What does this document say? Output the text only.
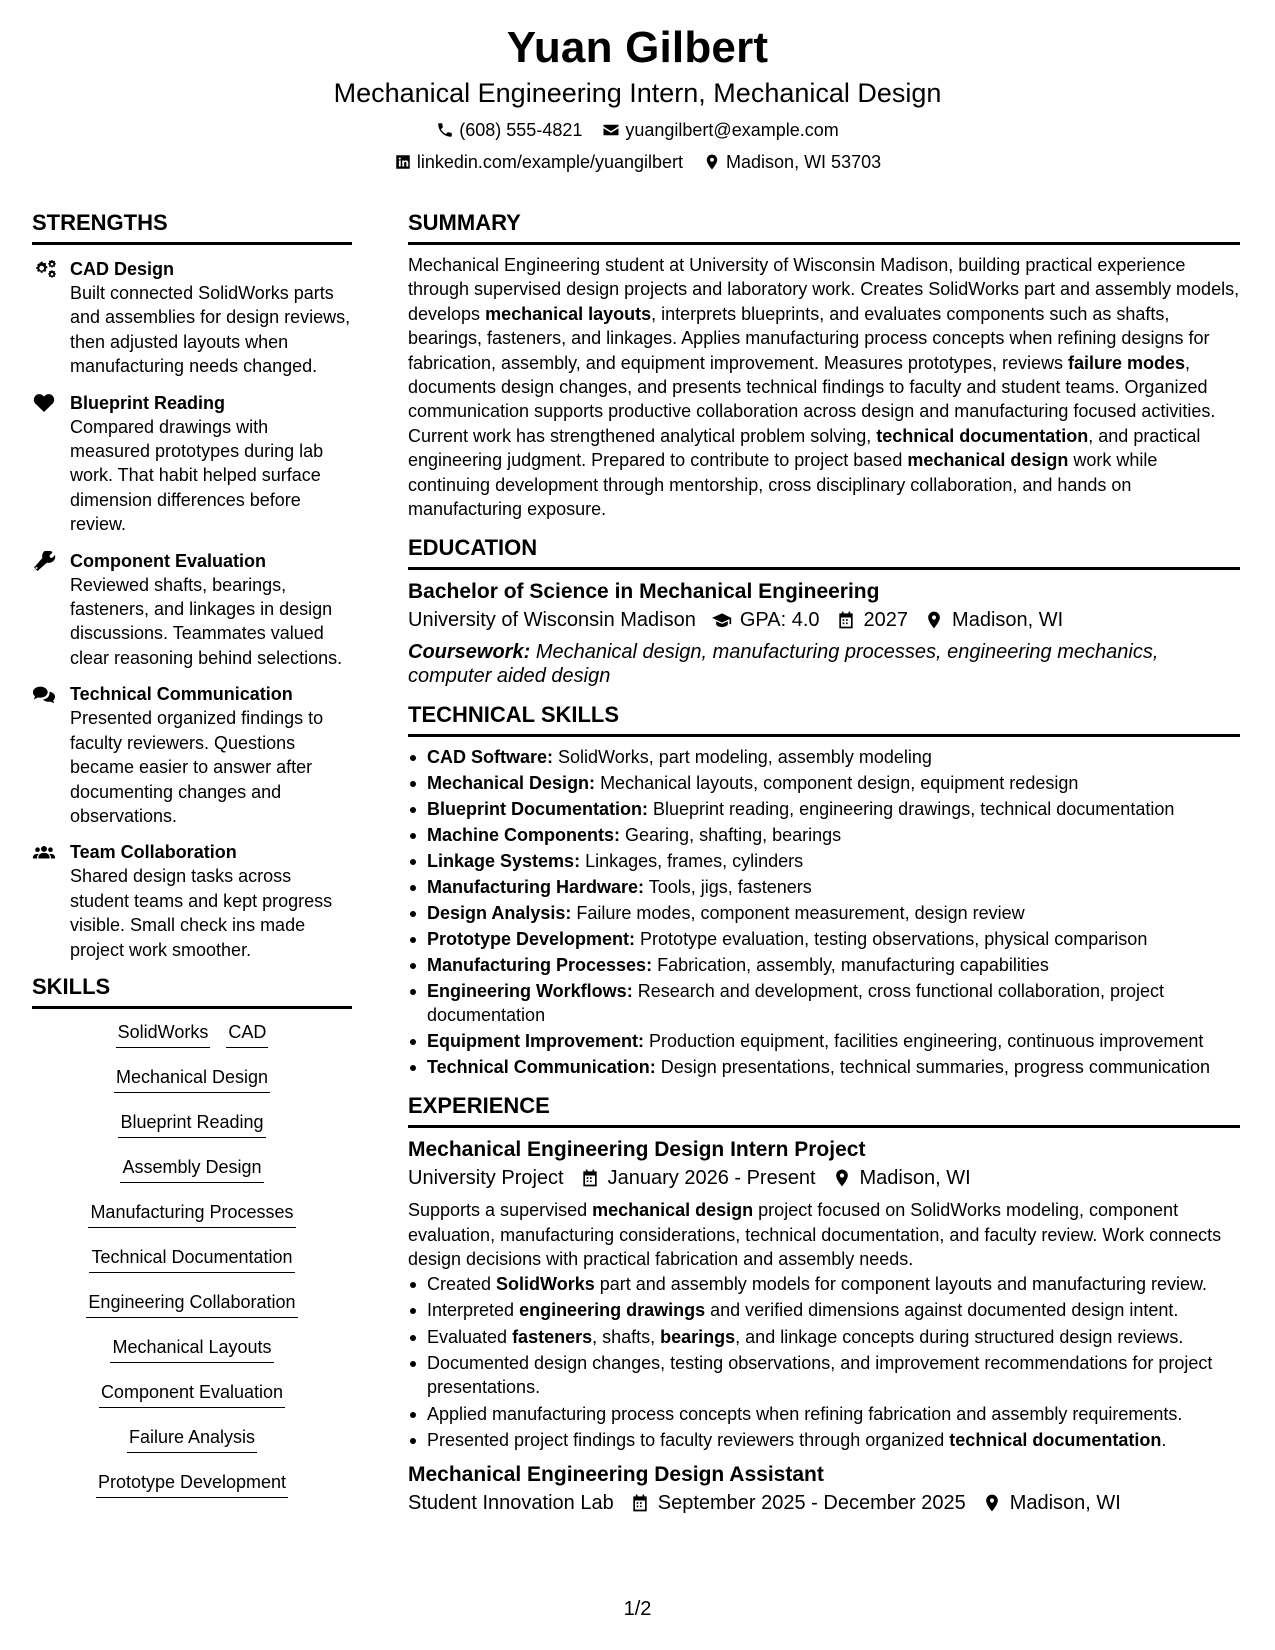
Yuan Gilbert
Mechanical Engineering Intern, Mechanical Design
(608) 555-4821 yuangilbert@example.com
linkedin.com/example/yuangilbert Madison, WI 53703
STRENGTHS
CAD Design
Built connected SolidWorks parts and assemblies for design reviews, then adjusted layouts when manufacturing needs changed.
Blueprint Reading
Compared drawings with measured prototypes during lab work. That habit helped surface dimension differences before review.
Component Evaluation
Reviewed shafts, bearings, fasteners, and linkages in design discussions. Teammates valued clear reasoning behind selections.
Technical Communication
Presented organized findings to faculty reviewers. Questions became easier to answer after documenting changes and observations.
Team Collaboration
Shared design tasks across student teams and kept progress visible. Small check ins made project work smoother.
SKILLS
SolidWorks CAD
Mechanical Design
Blueprint Reading
Assembly Design
Manufacturing Processes
Technical Documentation
Engineering Collaboration
Mechanical Layouts
Component Evaluation
Failure Analysis
Prototype Development
SUMMARY

Mechanical Engineering student at University of Wisconsin Madison, building practical experience through supervised design projects and laboratory work. Creates SolidWorks part and assembly models, develops mechanical layouts, interprets blueprints, and evaluates components such as shafts, bearings, fasteners, and linkages. Applies manufacturing process concepts when refining designs for fabrication, assembly, and equipment improvement. Measures prototypes, reviews failure modes, documents design changes, and presents technical findings to faculty and student teams. Organized communication supports productive collaboration across design and manufacturing focused activities. Current work has strengthened analytical problem solving, technical documentation, and practical engineering judgment. Prepared to contribute to project based mechanical design work while continuing development through mentorship, cross disciplinary collaboration, and hands on manufacturing exposure.

EDUCATION
Bachelor of Science in Mechanical Engineering
University of Wisconsin Madison GPA: 4.0 2027 Madison, WI
Coursework: Mechanical design, manufacturing processes, engineering mechanics, computer aided design
TECHNICAL SKILLS
CAD Software: SolidWorks, part modeling, assembly modeling
Mechanical Design: Mechanical layouts, component design, equipment redesign
Blueprint Documentation: Blueprint reading, engineering drawings, technical documentation
Machine Components: Gearing, shafting, bearings
Linkage Systems: Linkages, frames, cylinders
Manufacturing Hardware: Tools, jigs, fasteners
Design Analysis: Failure modes, component measurement, design review
Prototype Development: Prototype evaluation, testing observations, physical comparison
Manufacturing Processes: Fabrication, assembly, manufacturing capabilities
Engineering Workflows: Research and development, cross functional collaboration, project documentation
Equipment Improvement: Production equipment, facilities engineering, continuous improvement
Technical Communication: Design presentations, technical summaries, progress communication
EXPERIENCE
Mechanical Engineering Design Intern Project
University Project January 2026 - Present Madison, WI

Supports a supervised mechanical design project focused on SolidWorks modeling, component evaluation, manufacturing considerations, technical documentation, and faculty review. Work connects design decisions with practical fabrication and assembly needs.

Created SolidWorks part and assembly models for component layouts and manufacturing review.
Interpreted engineering drawings and verified dimensions against documented design intent.
Evaluated fasteners, shafts, bearings, and linkage concepts during structured design reviews.
Documented design changes, testing observations, and improvement recommendations for project presentations.
Applied manufacturing process concepts when refining fabrication and assembly requirements.
Presented project findings to faculty reviewers through organized technical documentation.
Mechanical Engineering Design Assistant
Student Innovation Lab September 2025 - December 2025 Madison, WI
1/2
